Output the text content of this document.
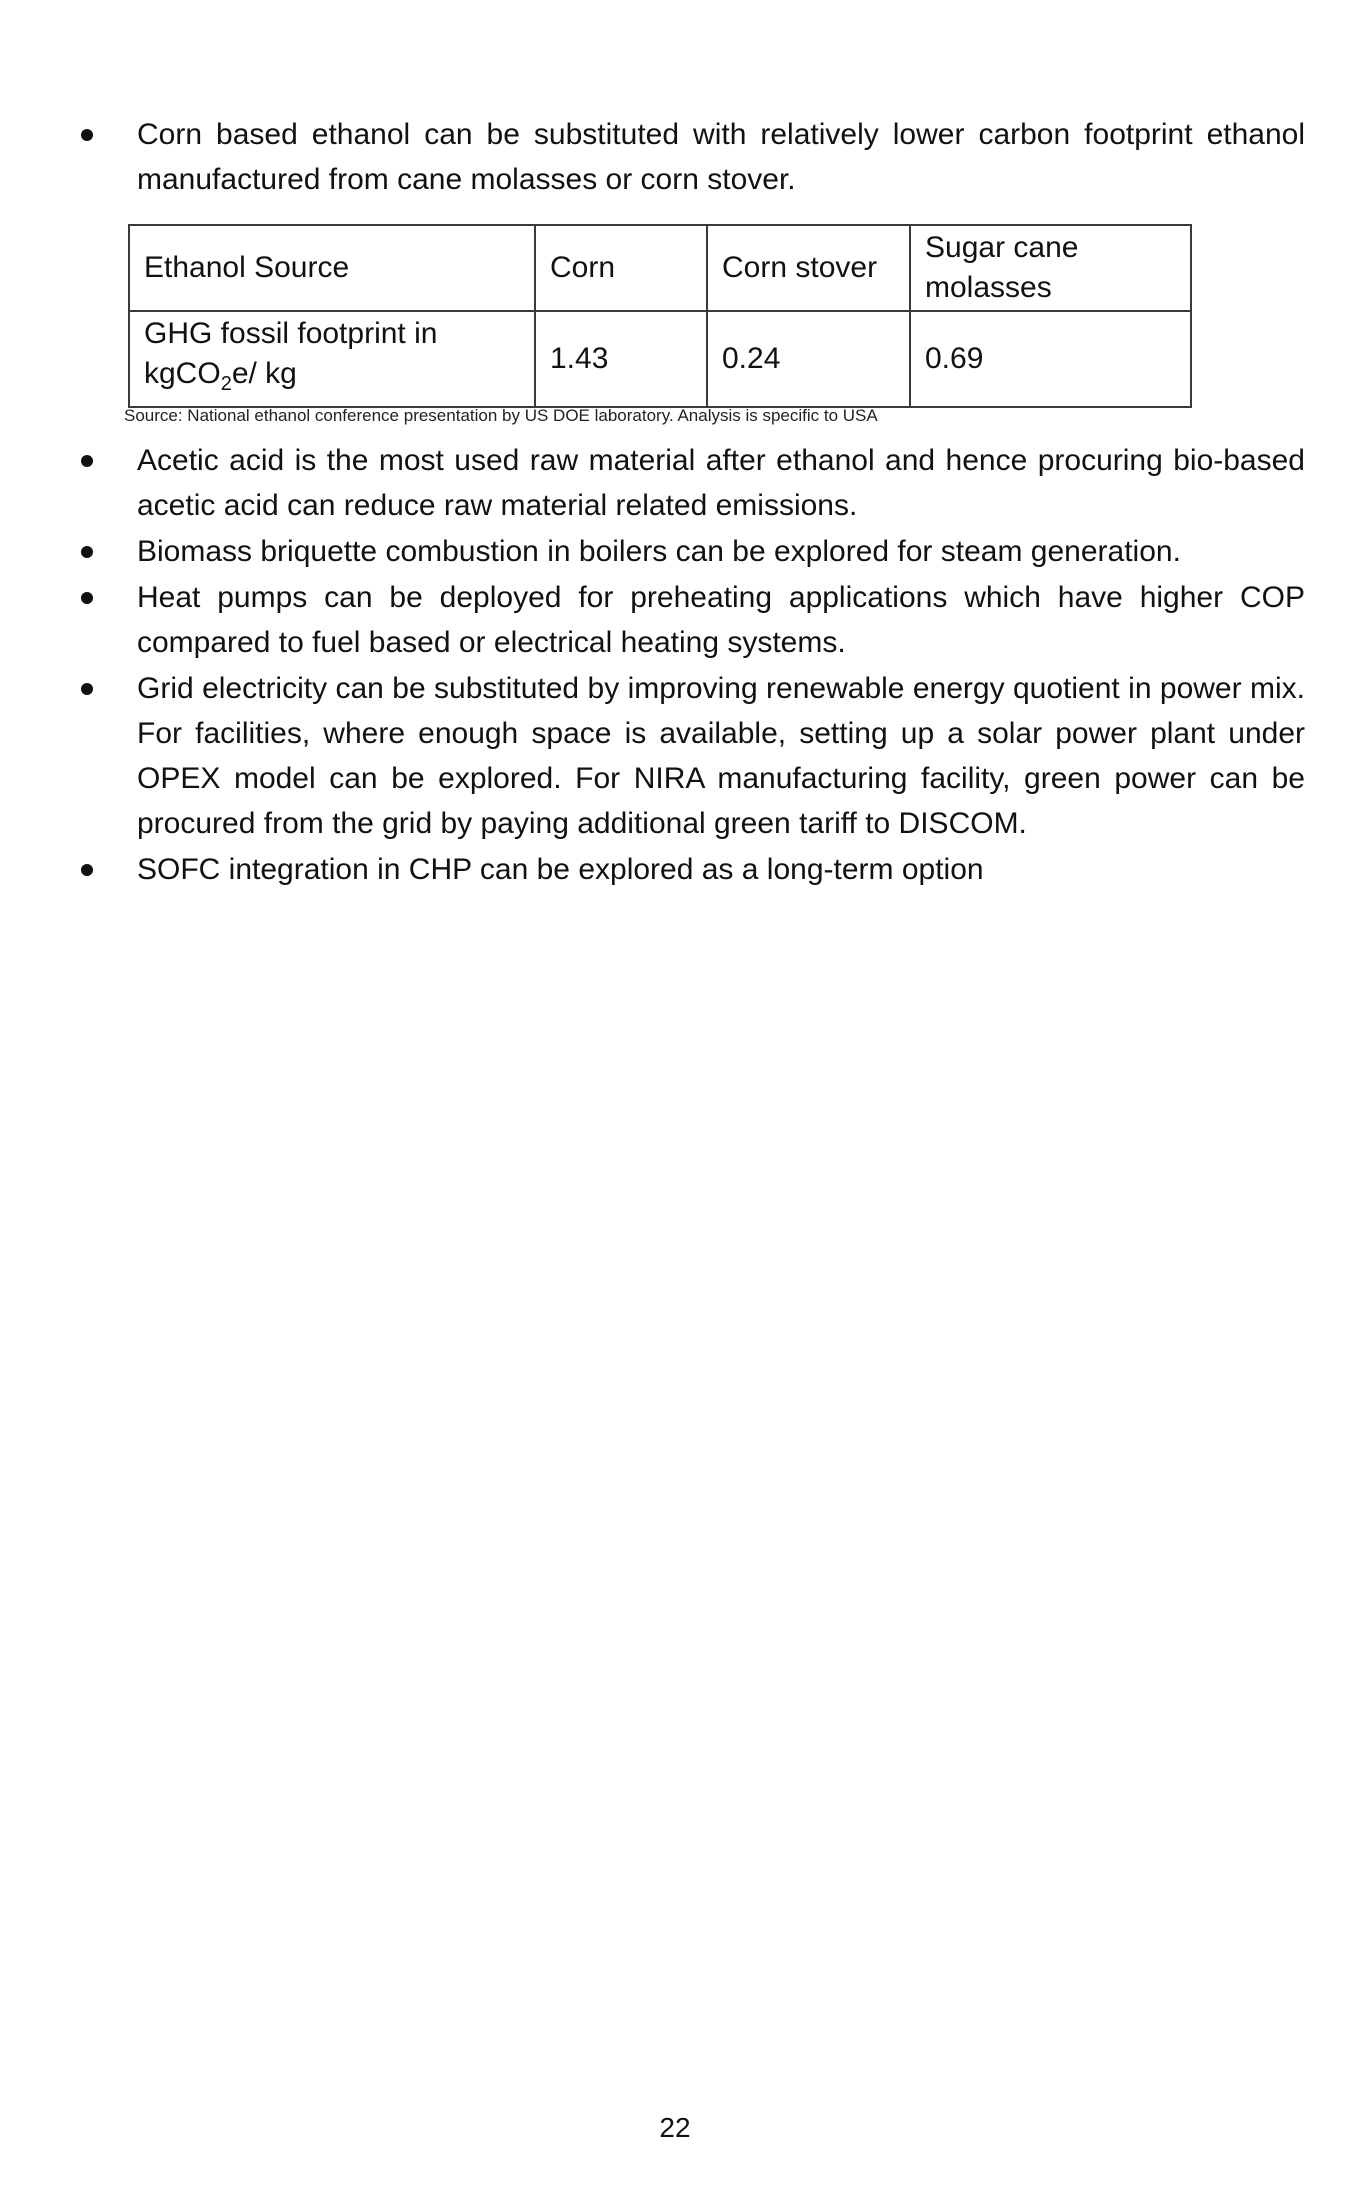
Corn based ethanol can be substituted with relatively lower carbon footprint ethanol manufactured from cane molasses or corn stover.
Ethanol Source	Corn	Corn stover	Sugar cane molasses
GHG fossil footprint in kgCO$_2$e/ kg	1.43	0.24	0.69
Source: National ethanol conference presentation by US DOE laboratory. Analysis is specific to USA
Acetic acid is the most used raw material after ethanol and hence procuring bio-based acetic acid can reduce raw material related emissions.
Biomass briquette combustion in boilers can be explored for steam generation.
Heat pumps can be deployed for preheating applications which have higher COP compared to fuel based or electrical heating systems.
Grid electricity can be substituted by improving renewable energy quotient in power mix. For facilities, where enough space is available, setting up a solar power plant under OPEX model can be explored. For NIRA manufacturing facility, green power can be procured from the grid by paying additional green tariff to DISCOM.
SOFC integration in CHP can be explored as a long-term option
22
